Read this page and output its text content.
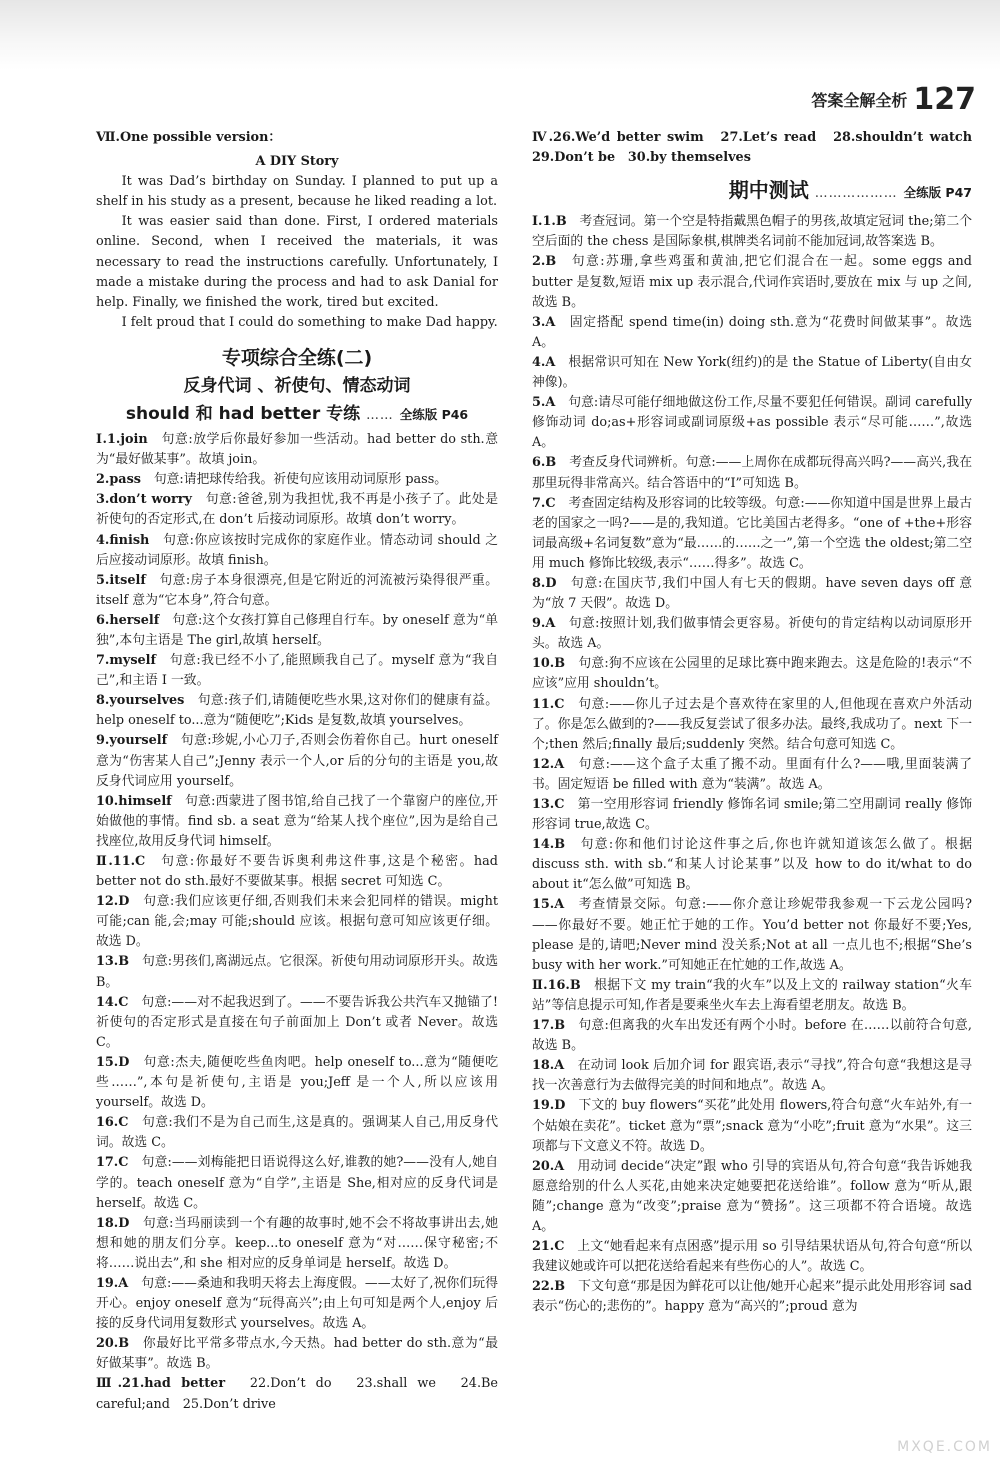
答案全解全析 127

Ⅶ.One possible version：

A DIY Story

It was Dad’s birthday on Sunday. I planned to put up a shelf in his study as a present, because he liked reading a lot.

It was easier said than done. First, I ordered materials online. Second, when I received the materials, it was necessary to read the instructions carefully. Unfortunately, I made a mistake during the process and had to ask Danial for help. Finally, we finished the work, tired but excited.

I felt proud that I could do something to make Dad happy.

专项综合全练(二)

反身代词 、祈使句、情态动词

should 和 had better 专练 …… 全练版 P46

Ⅰ.1.join　句意:放学后你最好参加一些活动。had better do sth.意为“最好做某事”。故填 join。

2.pass　句意:请把球传给我。祈使句应该用动词原形 pass。

3.don’t worry　句意:爸爸,别为我担忧,我不再是小孩子了。此处是祈使句的否定形式,在 don’t 后接动词原形。故填 don’t worry。

4.finish　句意:你应该按时完成你的家庭作业。情态动词 should 之后应接动词原形。故填 finish。

5.itself　句意:房子本身很漂亮,但是它附近的河流被污染得很严重。itself 意为“它本身”,符合句意。

6.herself　句意:这个女孩打算自己修理自行车。by oneself 意为“单独”,本句主语是 The girl,故填 herself。

7.myself　句意:我已经不小了,能照顾我自己了。myself 意为“我自己”,和主语 I 一致。

8.yourselves　句意:孩子们,请随便吃些水果,这对你们的健康有益。help oneself to...意为“随便吃”;Kids 是复数,故填 yourselves。

9.yourself　句意:珍妮,小心刀子,否则会伤着你自己。hurt oneself 意为“伤害某人自己”;Jenny 表示一个人,or 后的分句的主语是 you,故反身代词应用 yourself。

10.himself　句意:西蒙进了图书馆,给自己找了一个靠窗户的座位,开始做他的事情。find sb. a seat 意为“给某人找个座位”,因为是给自己找座位,故用反身代词 himself。

Ⅱ.11.C　句意:你最好不要告诉奥利弗这件事,这是个秘密。had better not do sth.最好不要做某事。根据 secret 可知选 C。

12.D　句意:我们应该更仔细,否则我们未来会犯同样的错误。might 可能;can 能,会;may 可能;should 应该。根据句意可知应该更仔细。故选 D。

13.B　句意:男孩们,离湖远点。它很深。祈使句用动词原形开头。故选 B。

14.C　句意:——对不起我迟到了。——不要告诉我公共汽车又抛锚了!祈使句的否定形式是直接在句子前面加上 Don’t 或者 Never。故选 C。

15.D　句意:杰夫,随便吃些鱼肉吧。help oneself to...意为“随便吃些……”,本句是祈使句,主语是 you;Jeff 是一个人,所以应该用 yourself。故选 D。

16.C　句意:我们不是为自己而生,这是真的。强调某人自己,用反身代词。故选 C。

17.C　句意:——刘梅能把日语说得这么好,谁教的她?——没有人,她自学的。teach oneself 意为“自学”,主语是 She,相对应的反身代词是 herself。故选 C。

18.D　句意:当玛丽读到一个有趣的故事时,她不会不将故事讲出去,她想和她的朋友们分享。keep...to oneself 意为“对……保守秘密;不将……说出去”,和 she 相对应的反身单词是 herself。故选 D。

19.A　句意:——桑迪和我明天将去上海度假。——太好了,祝你们玩得开心。enjoy oneself 意为“玩得高兴”;由上句可知是两个人,enjoy 后接的反身代词用复数形式 yourselves。故选 A。

20.B　你最好比平常多带点水,今天热。had better do sth.意为“最好做某事”。故选 B。

Ⅲ.21.had better　22.Don’t do　23.shall we　24.Be careful;and　25.Don’t drive

Ⅳ.26.We’d better swim　27.Let’s read　28.shouldn’t watch　29.Don’t be　30.by themselves

期中测试 ……………… 全练版 P47

Ⅰ.1.B　考查冠词。第一个空是特指戴黑色帽子的男孩,故填定冠词 the;第二个空后面的 the chess 是国际象棋,棋牌类名词前不能加冠词,故答案选 B。

2.B　句意:苏珊,拿些鸡蛋和黄油,把它们混合在一起。some eggs and butter 是复数,短语 mix up 表示混合,代词作宾语时,要放在 mix 与 up 之间,故选 B。

3.A　固定搭配 spend time(in) doing sth.意为“花费时间做某事”。故选 A。

4.A　根据常识可知在 New York(纽约)的是 the Statue of Liberty(自由女神像)。

5.A　句意:请尽可能仔细地做这份工作,尽量不要犯任何错误。副词 carefully 修饰动词 do;as+形容词或副词原级+as possible 表示“尽可能……”,故选 A。

6.B　考查反身代词辨析。句意:——上周你在成都玩得高兴吗?——高兴,我在那里玩得非常高兴。结合答语中的“I”可知选 B。

7.C　考查固定结构及形容词的比较等级。句意:——你知道中国是世界上最古老的国家之一吗?——是的,我知道。它比美国古老得多。“one of +the+形容词最高级+名词复数”意为“最……的……之一”,第一个空选 the oldest;第二空用 much 修饰比较级,表示“……得多”。故选 C。

8.D　句意:在国庆节,我们中国人有七天的假期。have seven days off 意为“放 7 天假”。故选 D。

9.A　句意:按照计划,我们做事情会更容易。祈使句的肯定结构以动词原形开头。故选 A。

10.B　句意:狗不应该在公园里的足球比赛中跑来跑去。这是危险的!表示“不应该”应用 shouldn’t。

11.C　句意:——你儿子过去是个喜欢待在家里的人,但他现在喜欢户外活动了。你是怎么做到的?——我反复尝试了很多办法。最终,我成功了。next 下一个;then 然后;finally 最后;suddenly 突然。结合句意可知选 C。

12.A　句意:——这个盒子太重了搬不动。里面有什么?——哦,里面装满了书。固定短语 be filled with 意为“装满”。故选 A。

13.C　第一空用形容词 friendly 修饰名词 smile;第二空用副词 really 修饰形容词 true,故选 C。

14.B　句意:你和他们讨论这件事之后,你也许就知道该怎么做了。根据 discuss sth. with sb.“和某人讨论某事”以及 how to do it/what to do about it“怎么做”可知选 B。

15.A　考查情景交际。句意:——你介意让珍妮带我参观一下云龙公园吗?——你最好不要。她正忙于她的工作。You’d better not 你最好不要;Yes, please 是的,请吧;Never mind 没关系;Not at all 一点儿也不;根据“She’s busy with her work.”可知她正在忙她的工作,故选 A。

Ⅱ.16.B　根据下文 my train“我的火车”以及上文的 railway station“火车站”等信息提示可知,作者是要乘坐火车去上海看望老朋友。故选 B。

17.B　句意:但离我的火车出发还有两个小时。before 在……以前符合句意,故选 B。

18.A　在动词 look 后加介词 for 跟宾语,表示“寻找”,符合句意“我想这是寻找一次善意行为去做得完美的时间和地点”。故选 A。

19.D　下文的 buy flowers“买花”此处用 flowers,符合句意“火车站外,有一个姑娘在卖花”。ticket 意为“票”;snack 意为“小吃”;fruit 意为“水果”。这三项都与下文意义不符。故选 D。

20.A　用动词 decide“决定”跟 who 引导的宾语从句,符合句意“我告诉她我愿意给别的什么人买花,由她来决定她要把花送给谁”。follow 意为“听从,跟随”;change 意为“改变”;praise 意为“赞扬”。这三项都不符合语境。故选 A。

21.C　上文“她看起来有点困惑”提示用 so 引导结果状语从句,符合句意“所以我建议她或许可以把花送给看起来有些伤心的人”。故选 C。

22.B　下文句意“那是因为鲜花可以让他/她开心起来”提示此处用形容词 sad 表示“伤心的;悲伤的”。happy 意为“高兴的”;proud 意为

MXQE.COM
